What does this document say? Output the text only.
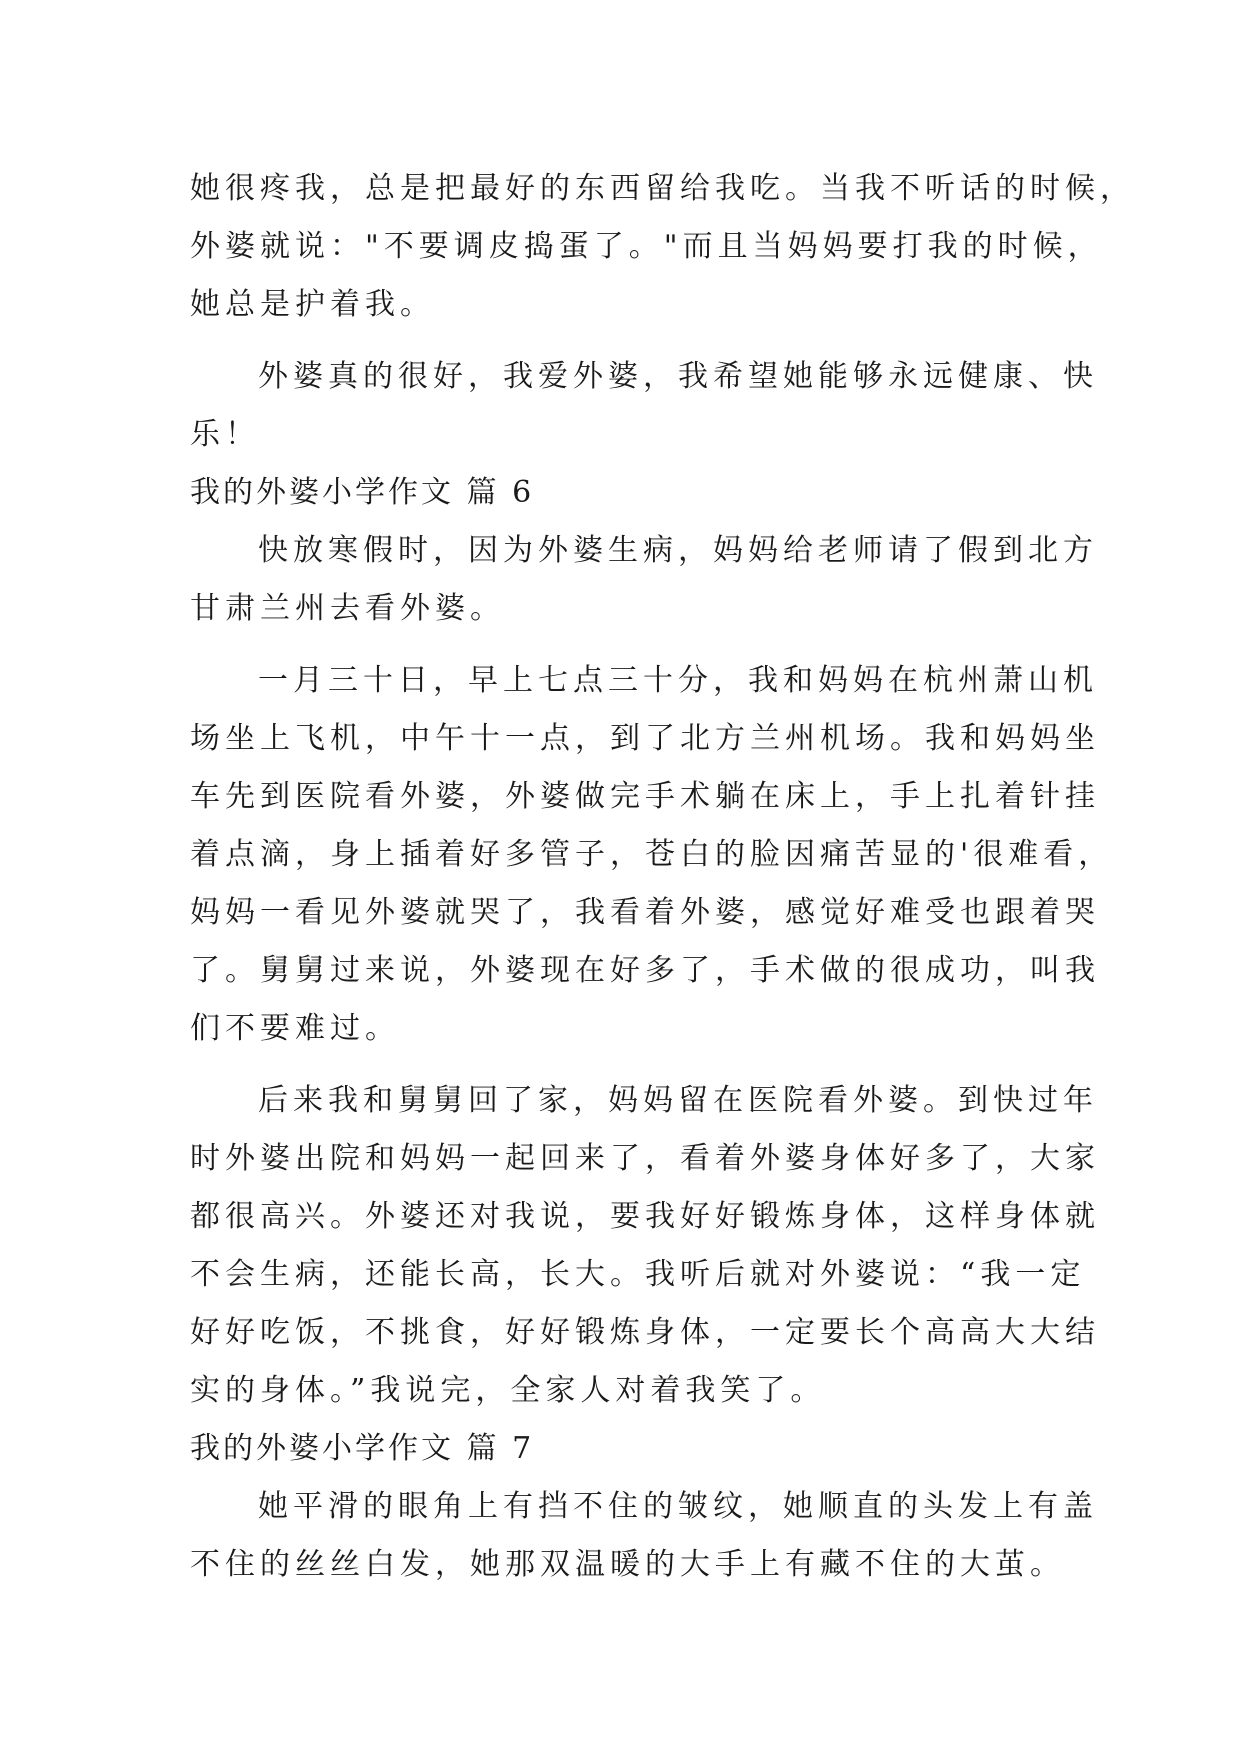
她很疼我，总是把最好的东西留给我吃。当我不听话的时候，
外婆就说："不要调皮捣蛋了。"而且当妈妈要打我的时候，
她总是护着我。
外婆真的很好，我爱外婆，我希望她能够永远健康、快
乐！
我的外婆小学作文 篇 6
快放寒假时，因为外婆生病，妈妈给老师请了假到北方
甘肃兰州去看外婆。
一月三十日，早上七点三十分，我和妈妈在杭州萧山机
场坐上飞机，中午十一点，到了北方兰州机场。我和妈妈坐
车先到医院看外婆，外婆做完手术躺在床上，手上扎着针挂
着点滴，身上插着好多管子，苍白的脸因痛苦显的'很难看，
妈妈一看见外婆就哭了，我看着外婆，感觉好难受也跟着哭
了。舅舅过来说，外婆现在好多了，手术做的很成功，叫我
们不要难过。
后来我和舅舅回了家，妈妈留在医院看外婆。到快过年
时外婆出院和妈妈一起回来了，看着外婆身体好多了，大家
都很高兴。外婆还对我说，要我好好锻炼身体，这样身体就
不会生病，还能长高，长大。我听后就对外婆说：“我一定
好好吃饭，不挑食，好好锻炼身体，一定要长个高高大大结
实的身体。”我说完，全家人对着我笑了。
我的外婆小学作文 篇 7
她平滑的眼角上有挡不住的皱纹，她顺直的头发上有盖
不住的丝丝白发，她那双温暖的大手上有藏不住的大茧。
